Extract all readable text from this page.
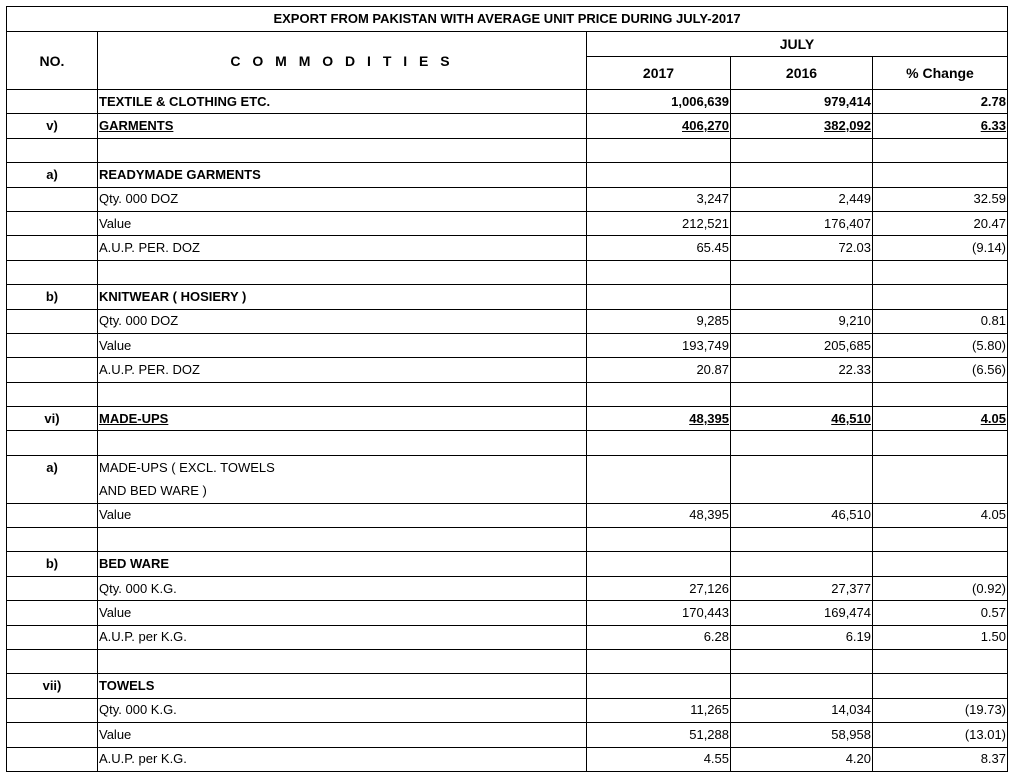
EXPORT FROM PAKISTAN WITH AVERAGE UNIT PRICE DURING JULY-2017				
NO.	C O M M O D I T I E S	JULY		
		2017	2016	% Change
	TEXTILE & CLOTHING ETC.	1,006,639	979,414	2.78
v)	GARMENTS	406,270	382,092	6.33

a)	READYMADE GARMENTS			
	Qty. 000 DOZ	3,247	2,449	32.59
	Value	212,521	176,407	20.47
	A.U.P. PER. DOZ	65.45	72.03	(9.14)

b)	KNITWEAR ( HOSIERY )			
	Qty. 000 DOZ	9,285	9,210	0.81
	Value	193,749	205,685	(5.80)
	A.U.P. PER. DOZ	20.87	22.33	(6.56)

vi)	MADE-UPS	48,395	46,510	4.05

a)	MADE-UPS ( EXCL. TOWELS			
	AND BED WARE )			
	Value	48,395	46,510	4.05

b)	BED WARE			
	Qty. 000 K.G.	27,126	27,377	(0.92)
	Value	170,443	169,474	0.57
	A.U.P. per K.G.	6.28	6.19	1.50

vii)	TOWELS			
	Qty. 000 K.G.	11,265	14,034	(19.73)
	Value	51,288	58,958	(13.01)
	A.U.P. per K.G.	4.55	4.20	8.37
